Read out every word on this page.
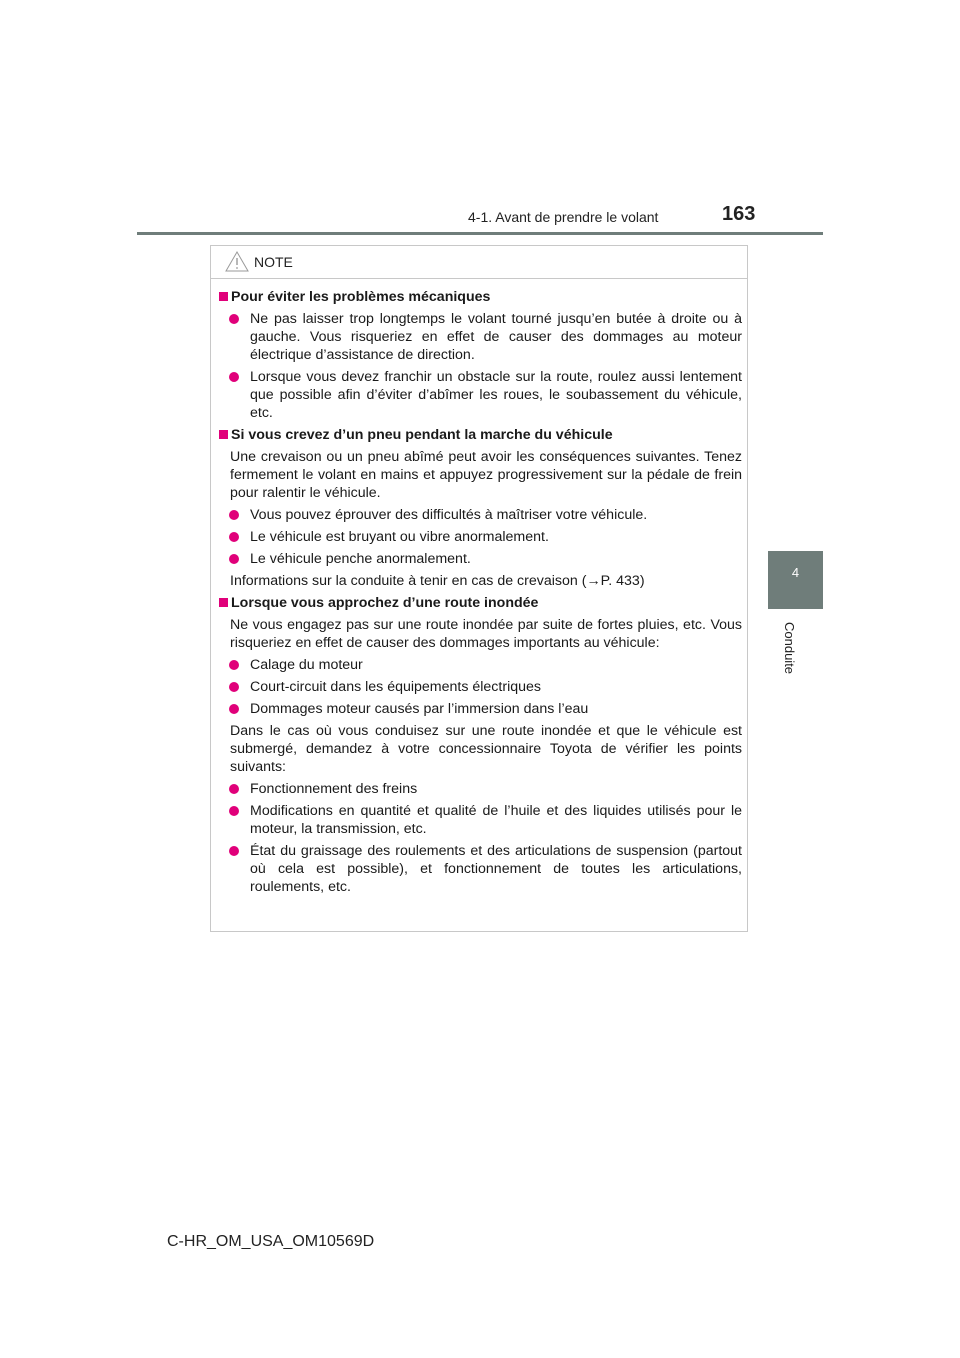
4-1. Avant de prendre le volant	163
4
Conduite
NOTE
Pour éviter les problèmes mécaniques
Ne pas laisser trop longtemps le volant tourné jusqu’en butée à droite ou à gauche. Vous risqueriez en effet de causer des dommages au moteur électrique d’assistance de direction.
Lorsque vous devez franchir un obstacle sur la route, roulez aussi lentement que possible afin d’éviter d’abîmer les roues, le soubassement du véhicule, etc.
Si vous crevez d’un pneu pendant la marche du véhicule
Une crevaison ou un pneu abîmé peut avoir les conséquences suivantes. Tenez fermement le volant en mains et appuyez progressivement sur la pédale de frein pour ralentir le véhicule.
Vous pouvez éprouver des difficultés à maîtriser votre véhicule.
Le véhicule est bruyant ou vibre anormalement.
Le véhicule penche anormalement.
Informations sur la conduite à tenir en cas de crevaison (→P. 433)
Lorsque vous approchez d’une route inondée
Ne vous engagez pas sur une route inondée par suite de fortes pluies, etc. Vous risqueriez en effet de causer des dommages importants au véhicule:
Calage du moteur
Court-circuit dans les équipements électriques
Dommages moteur causés par l’immersion dans l’eau
Dans le cas où vous conduisez sur une route inondée et que le véhicule est submergé, demandez à votre concessionnaire Toyota de vérifier les points suivants:
Fonctionnement des freins
Modifications en quantité et qualité de l’huile et des liquides utilisés pour le moteur, la transmission, etc.
État du graissage des roulements et des articulations de suspension (partout où cela est possible), et fonctionnement de toutes les articulations, roulements, etc.
C-HR_OM_USA_OM10569D
